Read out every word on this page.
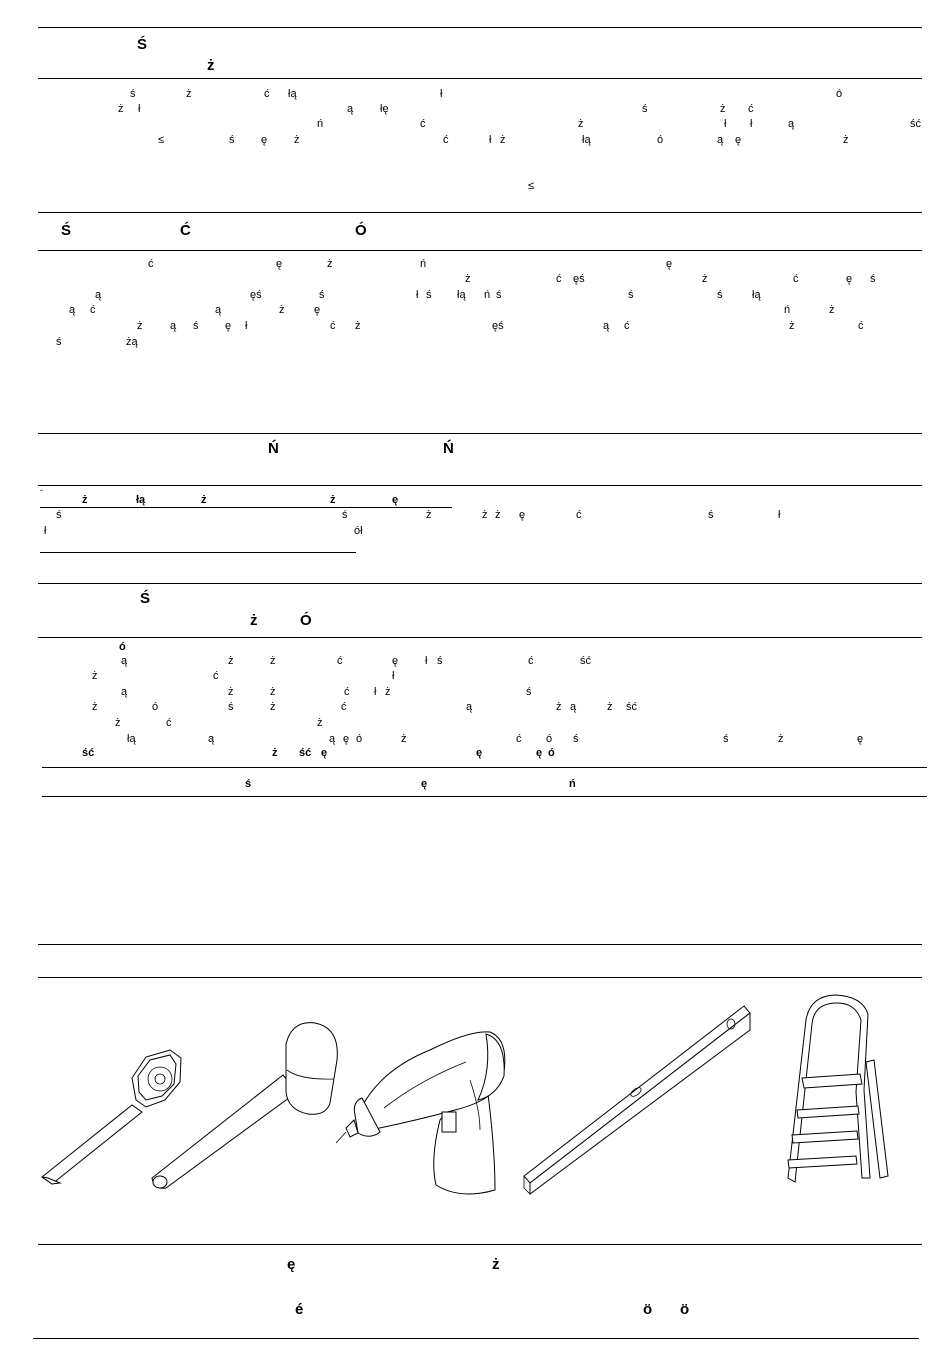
Ś
ż
ś	ż	ć łą	ł	ó
ż ł	ą łę	ś	ż ć
ń	ć	ż	ł ł	ą	ść
≤	ś ę ż	ć	ł ż	łą	ó	ą ę	ż
≤
Ś	Ć	Ó
ć	ę	ż	ń	ę
ż	ć ęś	ż	ć	ę ś
ą	ęś	ś	ł ś łą ń ś	ś	ś	łą
ą ć	ą	ż	ę	ń	ż
ż	ą ś ę ł	ć ż	ęś	ą ć	ż	ć
ś	żą
Ń	Ń
-
ż	łą	ż	ż	ę
ś	ś	ż	ż ż ę	ć	ś	ł
ł	ół
Ś
ż	Ó
ó
ą	ż	ż	ć	ę ł ś	ć	ść
ż	ć	ł
ą	ż	ż	ć ł ż	ś
ż	ó	ś	ż	ć	ą	ż ą	ż ść
ż	ć	ż
łą	ą	ą ę ó	ż	ć ó ś	ś	ż	ę
ść	ż ść ę	ę	ę ó
ś	ę	ń
ę	ż
é	ö ö
